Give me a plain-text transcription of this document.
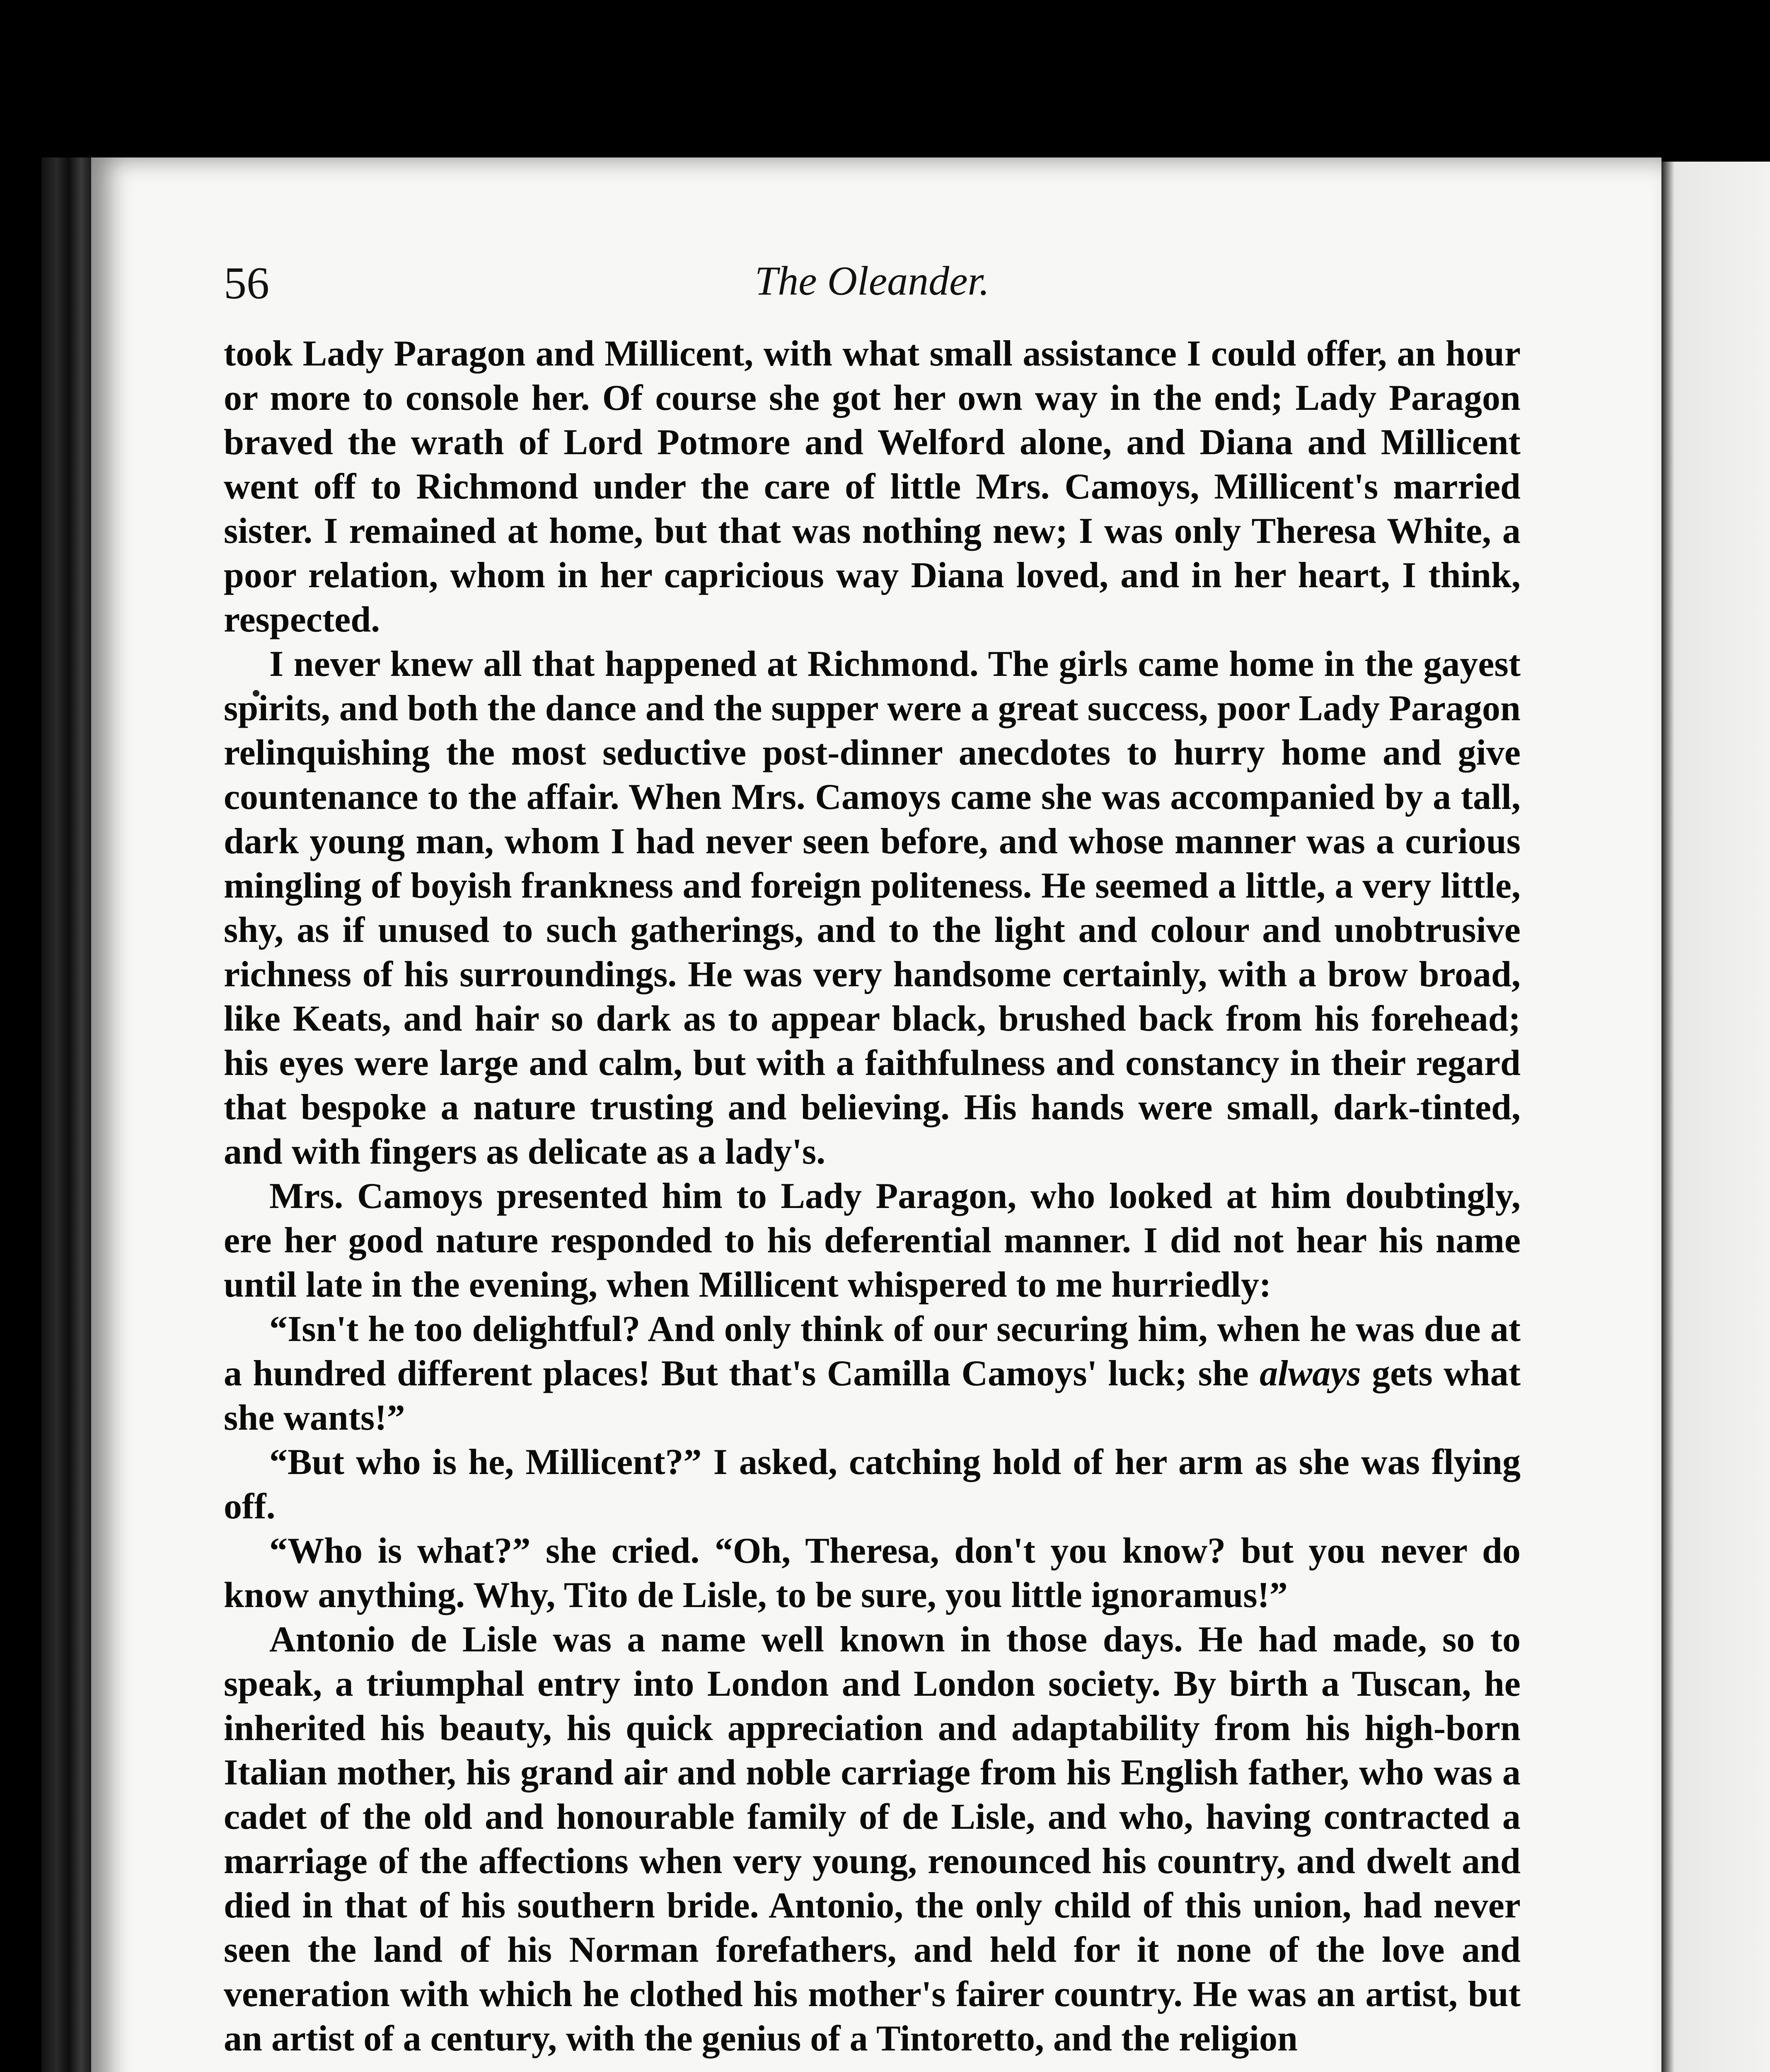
56	The Oleander.

took Lady Paragon and Millicent, with what small assistance I could offer, an hour or more to console her. Of course she got her own way in the end; Lady Paragon braved the wrath of Lord Potmore and Welford alone, and Diana and Millicent went off to Richmond under the care of little Mrs. Camoys, Millicent's married sister. I remained at home, but that was nothing new; I was only Theresa White, a poor relation, whom in her capricious way Diana loved, and in her heart, I think, respected.

I never knew all that happened at Richmond. The girls came home in the gayest spirits, and both the dance and the supper were a great success, poor Lady Paragon relinquishing the most seductive post-dinner anecdotes to hurry home and give countenance to the affair. When Mrs. Camoys came she was accompanied by a tall, dark young man, whom I had never seen before, and whose manner was a curious mingling of boyish frankness and foreign politeness. He seemed a little, a very little, shy, as if unused to such gatherings, and to the light and colour and unobtrusive richness of his surroundings. He was very handsome certainly, with a brow broad, like Keats, and hair so dark as to appear black, brushed back from his forehead; his eyes were large and calm, but with a faithfulness and constancy in their regard that bespoke a nature trusting and believing. His hands were small, dark-tinted, and with fingers as delicate as a lady's.

Mrs. Camoys presented him to Lady Paragon, who looked at him doubtingly, ere her good nature responded to his deferential manner. I did not hear his name until late in the evening, when Millicent whispered to me hurriedly:

“Isn't he too delightful? And only think of our securing him, when he was due at a hundred different places! But that's Camilla Camoys' luck; she always gets what she wants!”

“But who is he, Millicent?” I asked, catching hold of her arm as she was flying off.

“Who is what?” she cried. “Oh, Theresa, don't you know? but you never do know anything. Why, Tito de Lisle, to be sure, you little ignoramus!”

Antonio de Lisle was a name well known in those days. He had made, so to speak, a triumphal entry into London and London society. By birth a Tuscan, he inherited his beauty, his quick appreciation and adaptability from his high-born Italian mother, his grand air and noble carriage from his English father, who was a cadet of the old and honourable family of de Lisle, and who, having contracted a marriage of the affections when very young, renounced his country, and dwelt and died in that of his southern bride. Antonio, the only child of this union, had never seen the land of his Norman forefathers, and held for it none of the love and veneration with which he clothed his mother's fairer country. He was an artist, but an artist of a century, with the genius of a Tintoretto, and the religion
